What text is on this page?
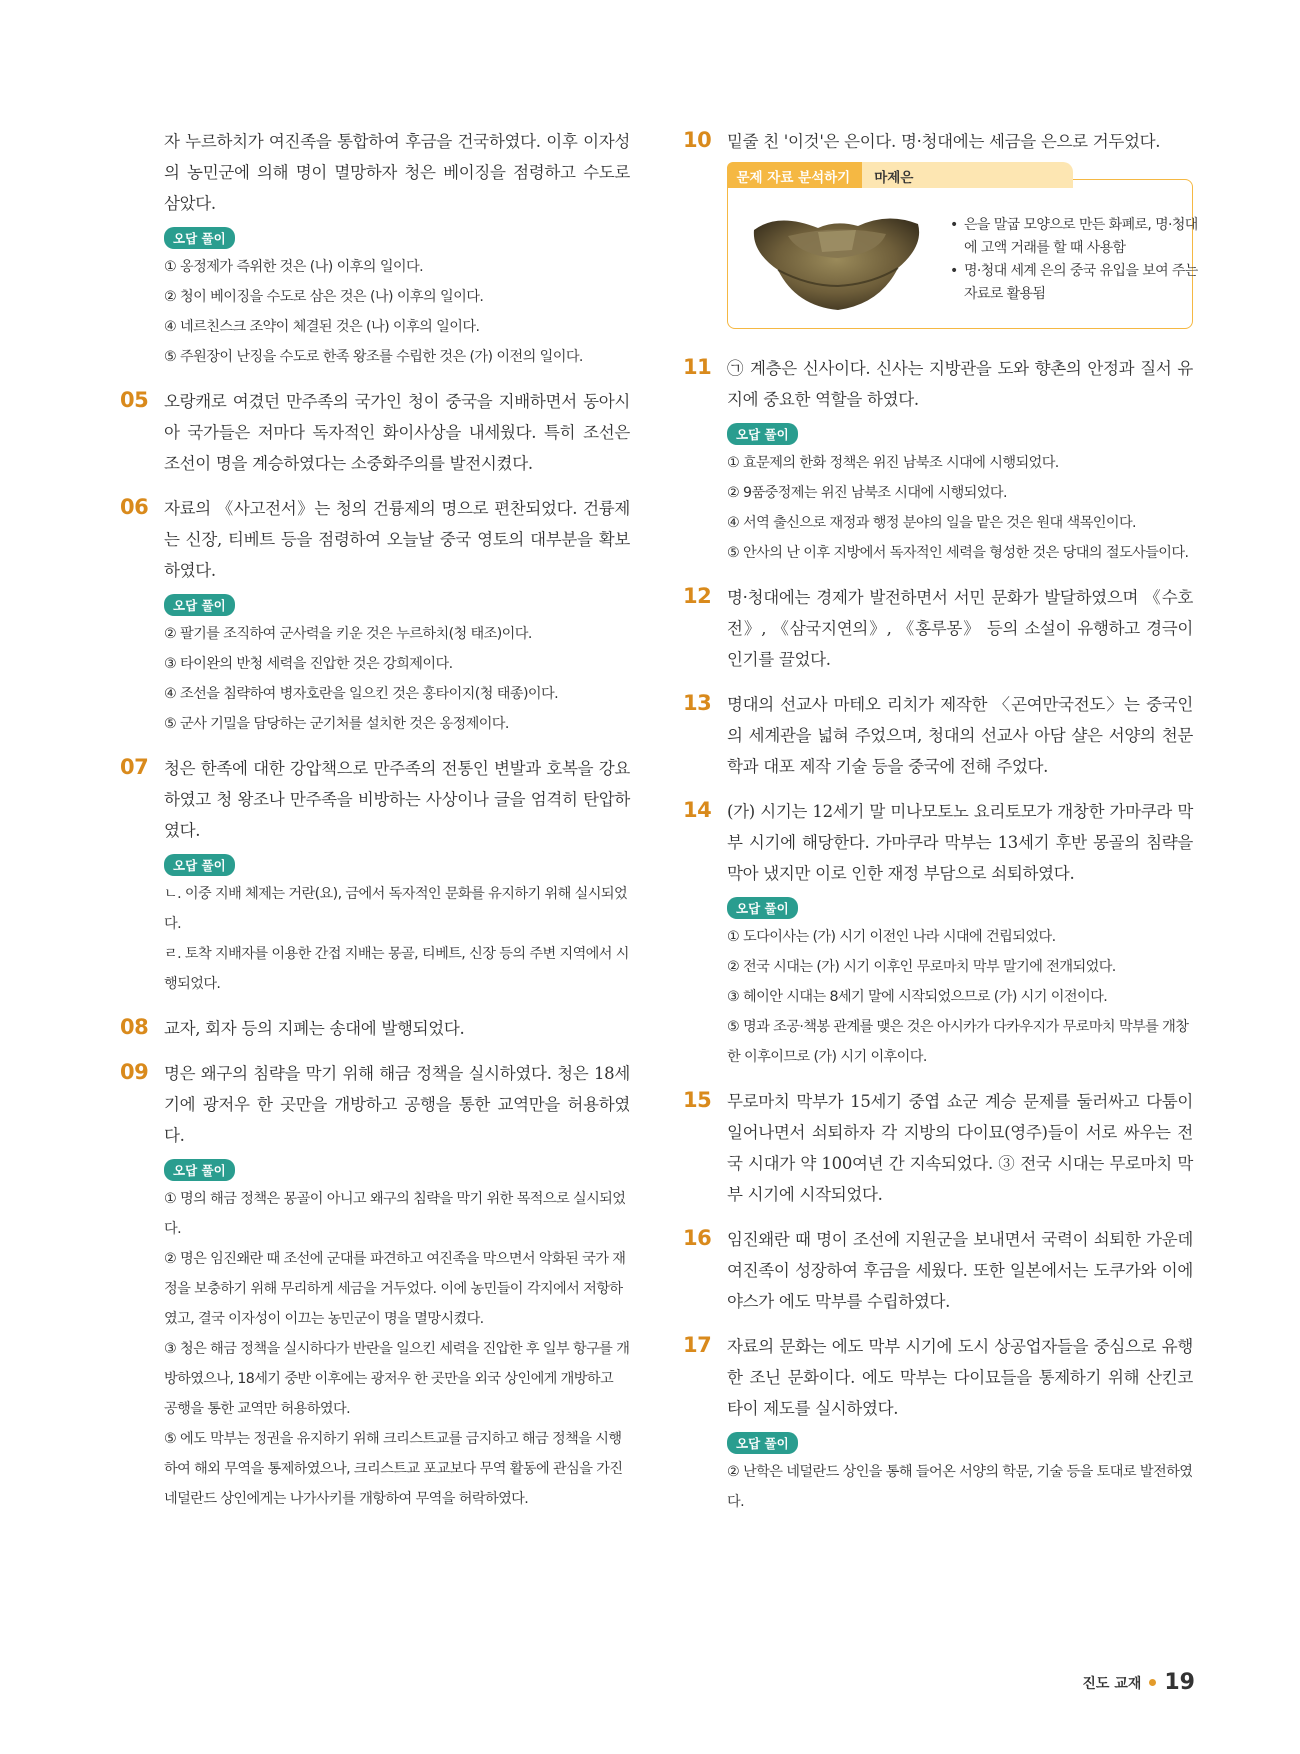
자 누르하치가 여진족을 통합하여 후금을 건국하였다. 이후 이자성의 농민군에 의해 명이 멸망하자 청은 베이징을 점령하고 수도로 삼았다.
오답 풀이
① 옹정제가 즉위한 것은 (나) 이후의 일이다.
② 청이 베이징을 수도로 삼은 것은 (나) 이후의 일이다.
④ 네르친스크 조약이 체결된 것은 (나) 이후의 일이다.
⑤ 주원장이 난징을 수도로 한족 왕조를 수립한 것은 (가) 이전의 일이다.
05 오랑캐로 여겼던 만주족의 국가인 청이 중국을 지배하면서 동아시아 국가들은 저마다 독자적인 화이사상을 내세웠다. 특히 조선은 조선이 명을 계승하였다는 소중화주의를 발전시켰다.
06 자료의 《사고전서》는 청의 건륭제의 명으로 편찬되었다. 건륭제는 신장, 티베트 등을 점령하여 오늘날 중국 영토의 대부분을 확보하였다.
오답 풀이
② 팔기를 조직하여 군사력을 키운 것은 누르하치(청 태조)이다.
③ 타이완의 반청 세력을 진압한 것은 강희제이다.
④ 조선을 침략하여 병자호란을 일으킨 것은 홍타이지(청 태종)이다.
⑤ 군사 기밀을 담당하는 군기처를 설치한 것은 옹정제이다.
07 청은 한족에 대한 강압책으로 만주족의 전통인 변발과 호복을 강요하였고 청 왕조나 만주족을 비방하는 사상이나 글을 엄격히 탄압하였다.
오답 풀이
ㄴ. 이중 지배 체제는 거란(요), 금에서 독자적인 문화를 유지하기 위해 실시되었다.
ㄹ. 토착 지배자를 이용한 간접 지배는 몽골, 티베트, 신장 등의 주변 지역에서 시행되었다.
08 교자, 회자 등의 지폐는 송대에 발행되었다.
09 명은 왜구의 침략을 막기 위해 해금 정책을 실시하였다. 청은 18세기에 광저우 한 곳만을 개방하고 공행을 통한 교역만을 허용하였다.
오답 풀이
① 명의 해금 정책은 몽골이 아니고 왜구의 침략을 막기 위한 목적으로 실시되었다.
② 명은 임진왜란 때 조선에 군대를 파견하고 여진족을 막으면서 악화된 국가 재정을 보충하기 위해 무리하게 세금을 거두었다. 이에 농민들이 각지에서 저항하였고, 결국 이자성이 이끄는 농민군이 명을 멸망시켰다.
③ 청은 해금 정책을 실시하다가 반란을 일으킨 세력을 진압한 후 일부 항구를 개방하였으나, 18세기 중반 이후에는 광저우 한 곳만을 외국 상인에게 개방하고 공행을 통한 교역만 허용하였다.
⑤ 에도 막부는 정권을 유지하기 위해 크리스트교를 금지하고 해금 정책을 시행하여 해외 무역을 통제하였으나, 크리스트교 포교보다 무역 활동에 관심을 가진 네덜란드 상인에게는 나가사키를 개항하여 무역을 허락하였다.
10 밑줄 친 '이것'은 은이다. 명·청대에는 세금을 은으로 거두었다.
문제 자료 분석하기	마제은
• 은을 말굽 모양으로 만든 화폐로, 명·청대에 고액 거래를 할 때 사용함
• 명·청대 세계 은의 중국 유입을 보여 주는 자료로 활용됨
11 ㉠ 계층은 신사이다. 신사는 지방관을 도와 향촌의 안정과 질서 유지에 중요한 역할을 하였다.
오답 풀이
① 효문제의 한화 정책은 위진 남북조 시대에 시행되었다.
② 9품중정제는 위진 남북조 시대에 시행되었다.
④ 서역 출신으로 재정과 행정 분야의 일을 맡은 것은 원대 색목인이다.
⑤ 안사의 난 이후 지방에서 독자적인 세력을 형성한 것은 당대의 절도사들이다.
12 명·청대에는 경제가 발전하면서 서민 문화가 발달하였으며 《수호전》, 《삼국지연의》, 《홍루몽》 등의 소설이 유행하고 경극이 인기를 끌었다.
13 명대의 선교사 마테오 리치가 제작한 〈곤여만국전도〉는 중국인의 세계관을 넓혀 주었으며, 청대의 선교사 아담 샬은 서양의 천문학과 대포 제작 기술 등을 중국에 전해 주었다.
14 (가) 시기는 12세기 말 미나모토노 요리토모가 개창한 가마쿠라 막부 시기에 해당한다. 가마쿠라 막부는 13세기 후반 몽골의 침략을 막아 냈지만 이로 인한 재정 부담으로 쇠퇴하였다.
오답 풀이
① 도다이사는 (가) 시기 이전인 나라 시대에 건립되었다.
② 전국 시대는 (가) 시기 이후인 무로마치 막부 말기에 전개되었다.
③ 헤이안 시대는 8세기 말에 시작되었으므로 (가) 시기 이전이다.
⑤ 명과 조공·책봉 관계를 맺은 것은 아시카가 다카우지가 무로마치 막부를 개창한 이후이므로 (가) 시기 이후이다.
15 무로마치 막부가 15세기 중엽 쇼군 계승 문제를 둘러싸고 다툼이 일어나면서 쇠퇴하자 각 지방의 다이묘(영주)들이 서로 싸우는 전국 시대가 약 100여년 간 지속되었다. ③ 전국 시대는 무로마치 막부 시기에 시작되었다.
16 임진왜란 때 명이 조선에 지원군을 보내면서 국력이 쇠퇴한 가운데 여진족이 성장하여 후금을 세웠다. 또한 일본에서는 도쿠가와 이에야스가 에도 막부를 수립하였다.
17 자료의 문화는 에도 막부 시기에 도시 상공업자들을 중심으로 유행한 조닌 문화이다. 에도 막부는 다이묘들을 통제하기 위해 산킨코타이 제도를 실시하였다.
오답 풀이
② 난학은 네덜란드 상인을 통해 들어온 서양의 학문, 기술 등을 토대로 발전하였다.
진도 교재 19
